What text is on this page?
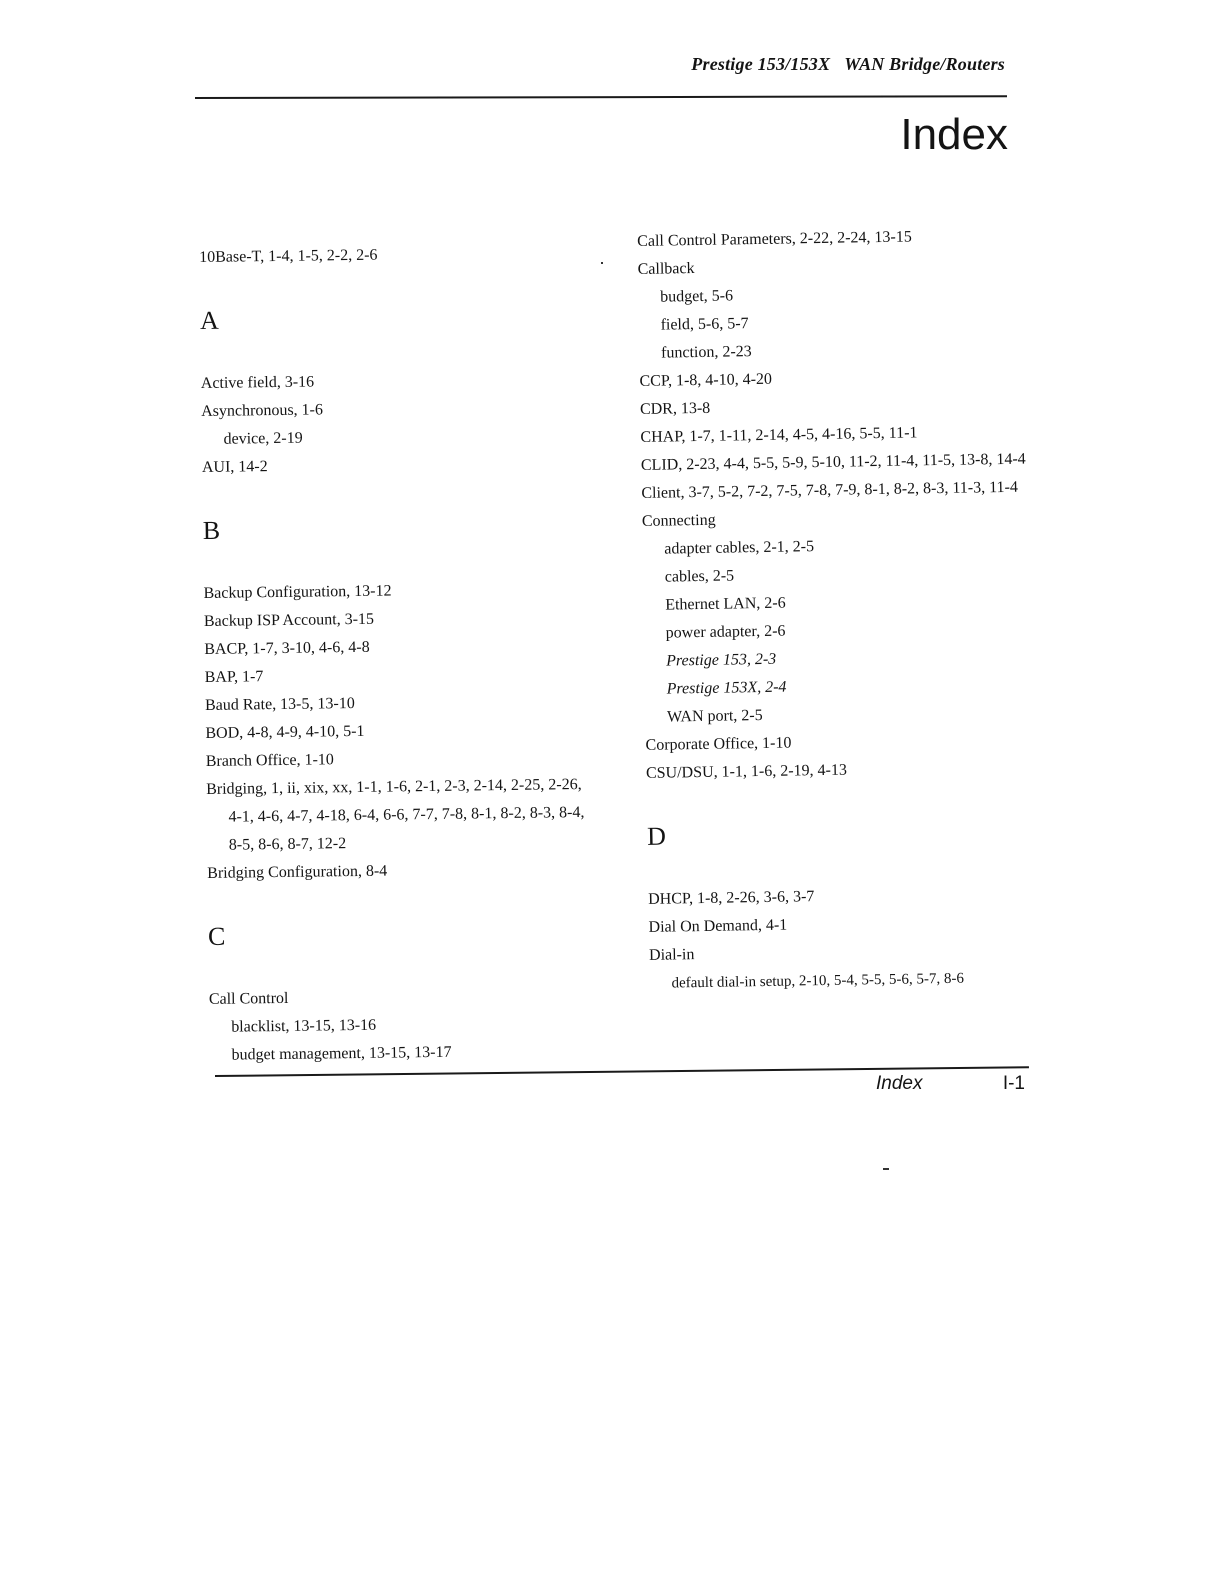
Prestige 153/153X WAN Bridge/Routers
Index
10Base-T, 1-4, 1-5, 2-2, 2-6
A
Active field, 3-16
Asynchronous, 1-6
device, 2-19
AUI, 14-2
B
Backup Configuration, 13-12
Backup ISP Account, 3-15
BACP, 1-7, 3-10, 4-6, 4-8
BAP, 1-7
Baud Rate, 13-5, 13-10
BOD, 4-8, 4-9, 4-10, 5-1
Branch Office, 1-10
Bridging, 1, ii, xix, xx, 1-1, 1-6, 2-1, 2-3, 2-14, 2-25, 2-26, 4-1, 4-6, 4-7, 4-18, 6-4, 6-6, 7-7, 7-8, 8-1, 8-2, 8-3, 8-4, 8-5, 8-6, 8-7, 12-2
Bridging Configuration, 8-4
C
Call Control
blacklist, 13-15, 13-16
budget management, 13-15, 13-17
Call Control Parameters, 2-22, 2-24, 13-15
Callback
budget, 5-6
field, 5-6, 5-7
function, 2-23
CCP, 1-8, 4-10, 4-20
CDR, 13-8
CHAP, 1-7, 1-11, 2-14, 4-5, 4-16, 5-5, 11-1
CLID, 2-23, 4-4, 5-5, 5-9, 5-10, 11-2, 11-4, 11-5, 13-8, 14-4
Client, 3-7, 5-2, 7-2, 7-5, 7-8, 7-9, 8-1, 8-2, 8-3, 11-3, 11-4
Connecting
adapter cables, 2-1, 2-5
cables, 2-5
Ethernet LAN, 2-6
power adapter, 2-6
Prestige 153, 2-3
Prestige 153X, 2-4
WAN port, 2-5
Corporate Office, 1-10
CSU/DSU, 1-1, 1-6, 2-19, 4-13
D
DHCP, 1-8, 2-26, 3-6, 3-7
Dial On Demand, 4-1
Dial-in
default dial-in setup, 2-10, 5-4, 5-5, 5-6, 5-7, 8-6
Index	I-1
